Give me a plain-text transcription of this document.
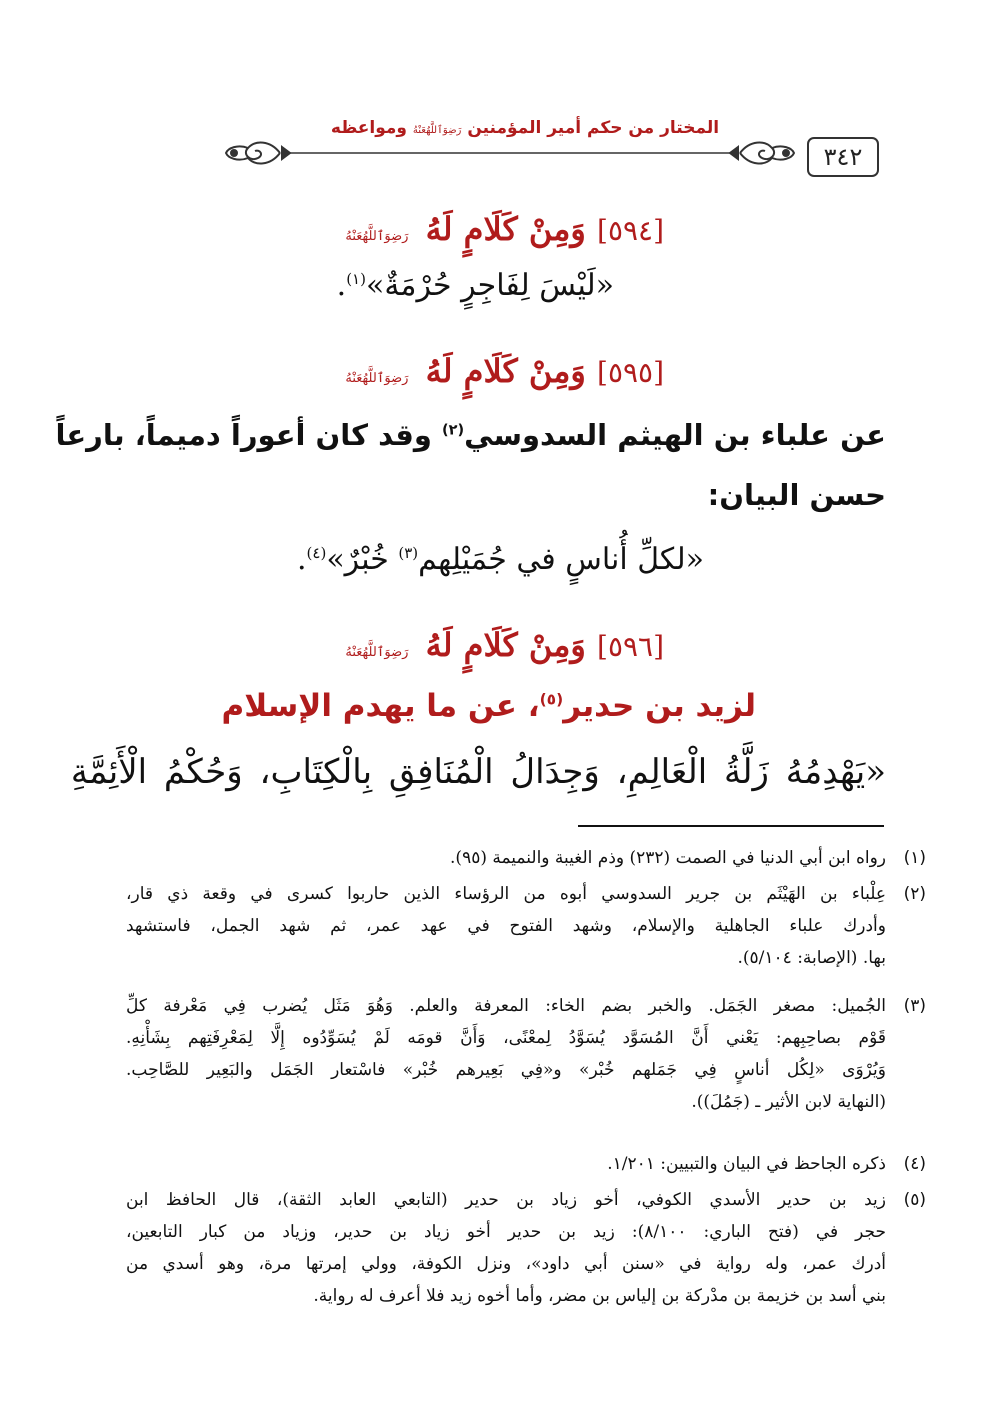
٣٤٢
المختار من حكم أمير المؤمنين رَضِوَٱللَّهُعَنْهُ ومواعظه
[٥٩٤] وَمِنْ كَلَامٍ لَهُ رَضِوَٱللَّهُعَنْهُ
«لَيْسَ لِفَاجِرٍ حُرْمَةٌ»$^{(١)}$.
[٥٩٥] وَمِنْ كَلَامٍ لَهُ رَضِوَٱللَّهُعَنْهُ
عن علباء بن الهيثم السدوسي$^{(٢)}$ وقد كان أعوراً دميماً، بارعاً
حسن البيان:
«لكلِّ أُناسٍ في جُمَيْلِهم$^{(٣)}$ خُبْرٌ»$^{(٤)}$.
[٥٩٦] وَمِنْ كَلَامٍ لَهُ رَضِوَٱللَّهُعَنْهُ
لزيد بن حدير$^{(٥)}$، عن ما يهدم الإسلام
«يَهْدِمُهُ زَلَّةُ الْعَالِمِ، وَجِدَالُ الْمُنَافِقِ بِالْكِتَابِ، وَحُكْمُ الْأَئِمَّةِ
(١)
رواه ابن أبي الدنيا في الصمت (٢٣٢) وذم الغيبة والنميمة (٩٥).
(٢)
عِلْباء بن الهَيْثَم بن جرير السدوسي أبوه من الرؤساء الذين حاربوا كسرى في وقعة ذي قار،
وأدرك علباء الجاهلية والإسلام، وشهد الفتوح في عهد عمر، ثم شهد الجمل، فاستشهد
بها. (الإصابة: ٥/١٠٤).
(٣)
الجُميل: مصغر الجَمَل. والخبر بضم الخاء: المعرفة والعلم. وَهُوَ مَثَل يُضرب فِي مَعْرفة كلِّ
قَوْم بصاحِبِهم: يَعْني أَنَّ المُسَوَّد يُسَوَّدُ لِمعْنًى، وَأَنَّ قومَه لَمْ يُسَوِّدُوه إِلَّا لِمَعْرِفَتِهم بِشَأْنِهِ.
وَيُرْوَى «لِكُل أناسٍ فِي جَمَلهم خُبْر» و«فِي بَعِيرهم خُبْر» فاسْتعار الجَمَل والبَعِير للصَّاحِب.
(النهاية لابن الأثير ـ (جَمُلَ)).
(٤)
ذكره الجاحظ في البيان والتبيين: ١/٢٠١.
(٥)
زيد بن حدير الأسدي الكوفي، أخو زياد بن حدير (التابعي العابد الثقة)، قال الحافظ ابن
حجر في (فتح الباري: ٨/١٠٠): زيد بن حدير أخو زياد بن حدير، وزياد من كبار التابعين،
أدرك عمر، وله رواية في «سنن أبي داود»، ونزل الكوفة، وولي إمرتها مرة، وهو أسدي من
بني أسد بن خزيمة بن مدْركة بن إلياس بن مضر، وأما أخوه زيد فلا أعرف له رواية.
